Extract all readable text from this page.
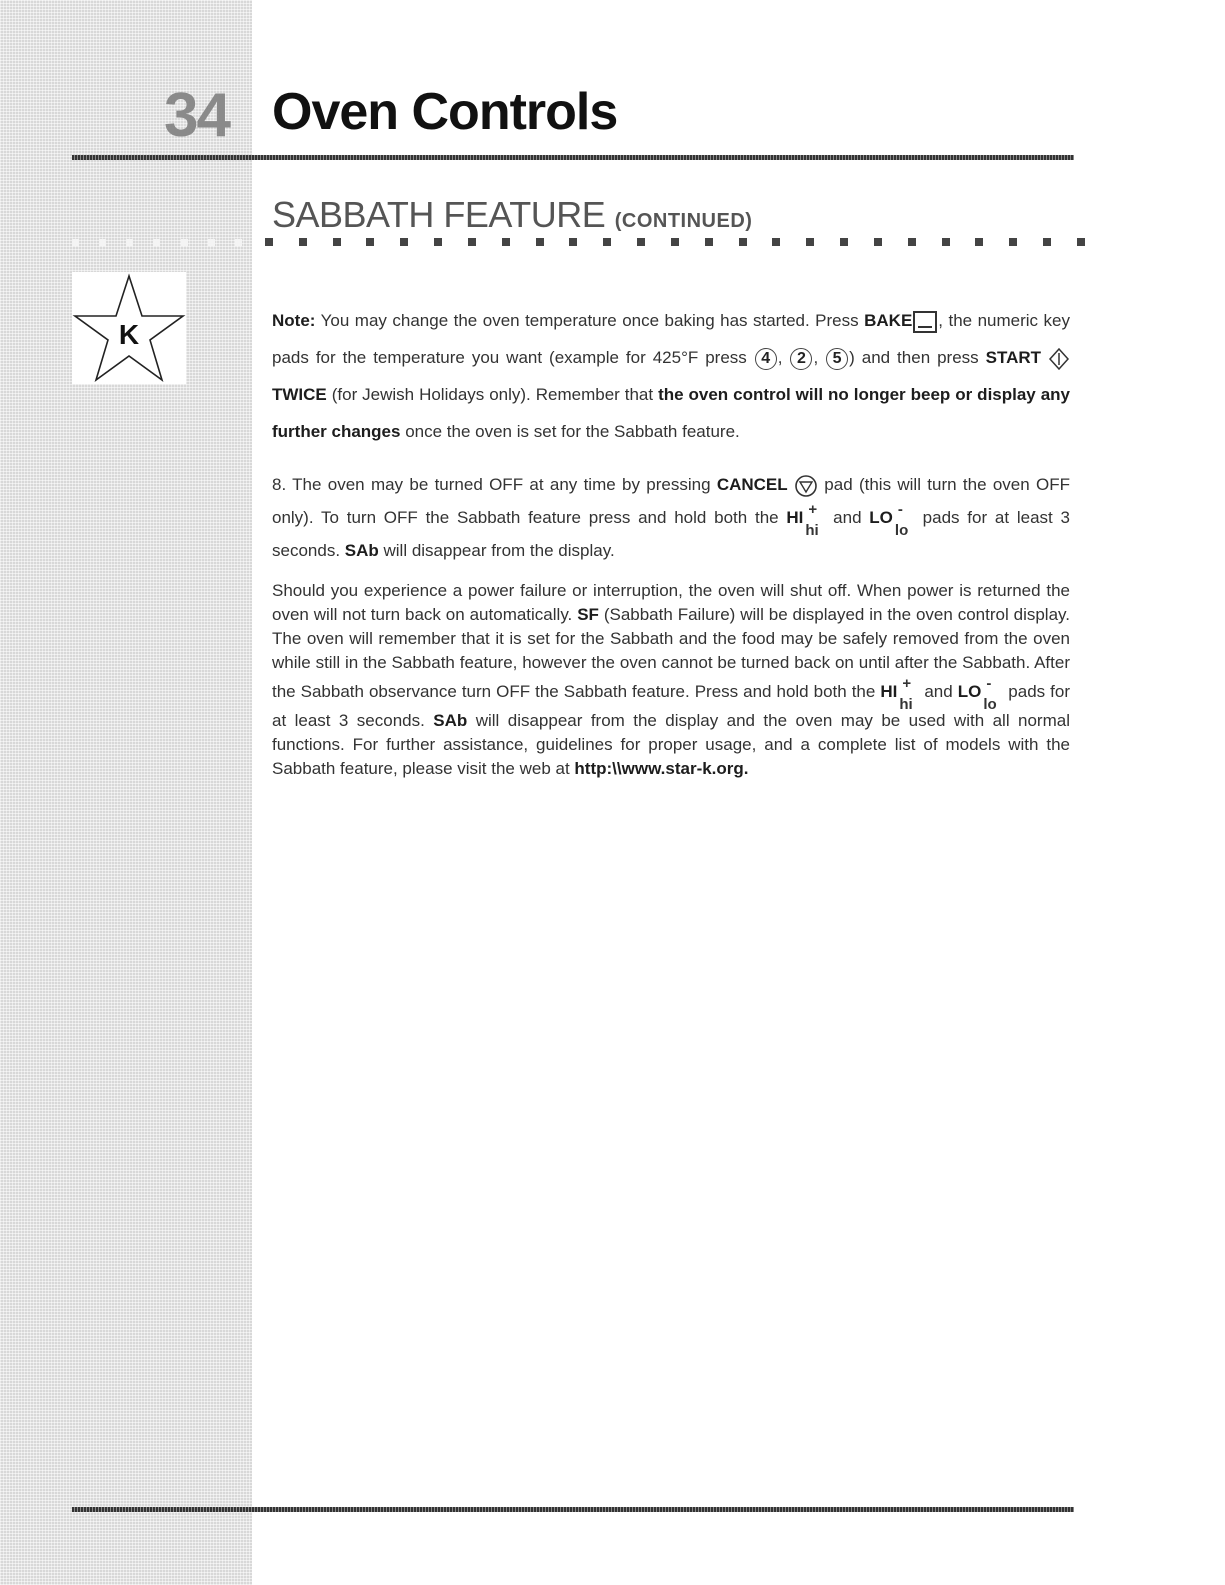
34 Oven Controls
SABBATH FEATURE (CONTINUED)
K	Note: You may change the oven temperature once baking has started. Press BAKE , the numeric key pads for the temperature you want (example for 425°F press 4 , 2 , 5 ) and then press START  TWICE (for Jewish Holidays only). Remember that the oven control will no longer beep or display any further changes once the oven is set for the Sabbath feature.

8. The oven may be turned OFF at any time by pressing CANCEL  pad (this will turn the oven OFF only). To turn OFF the Sabbath feature press and hold both the HI +
hi
and LO -
lo
pads for at least 3 seconds. SAb will disappear from the display.

Should you experience a power failure or interruption, the oven will shut off. When power is returned the oven will not turn back on automatically. SF (Sabbath Failure) will be displayed in the oven control display. The oven will remember that it is set for the Sabbath and the food may be safely removed from the oven while still in the Sabbath feature, however the oven cannot be turned back on until after the Sabbath. After the Sabbath observance turn OFF the Sabbath feature. Press and hold both the HI +
hi
and LO -
lo
pads for at least 3 seconds. SAb will disappear from the display and the oven may be used with all normal functions. For further assistance, guidelines for proper usage, and a complete list of models with the Sabbath feature, please visit the web at http:\\www.star-k.org.
